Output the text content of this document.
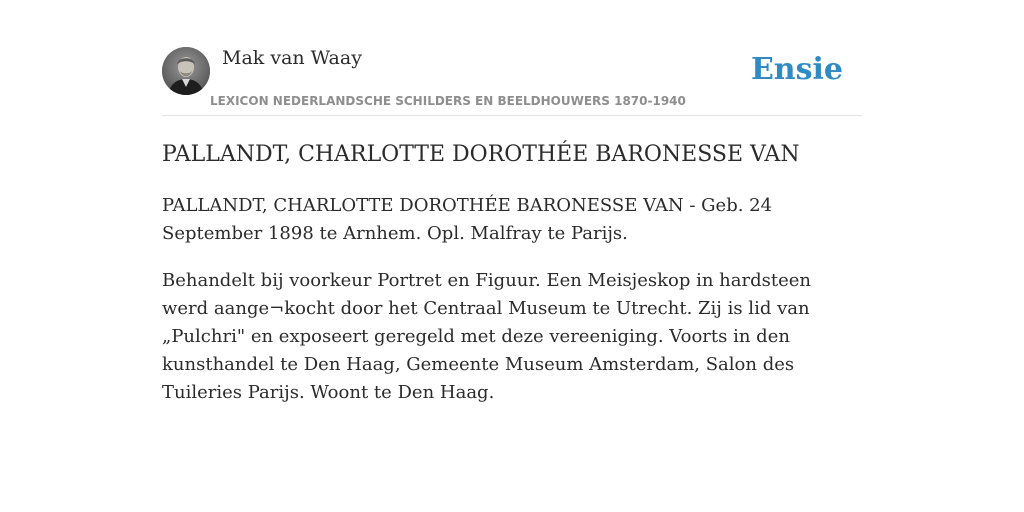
Mak van Waay
LEXICON NEDERLANDSCHE SCHILDERS EN BEELDHOUWERS 1870-1940
Ensie
PALLANDT, CHARLOTTE DOROTHÉE BARONESSE VAN

PALLANDT, CHARLOTTE DOROTHÉE BARONESSE VAN - Geb. 24 September 1898 te Arnhem. Opl. Malfray te Parijs.

Behandelt bij voorkeur Portret en Figuur. Een Meisjeskop in hardsteen werd aange¬kocht door het Centraal Museum te Utrecht. Zij is lid van „Pulchri" en exposeert geregeld met deze vereeniging. Voorts in den kunsthandel te Den Haag, Gemeente Museum Amsterdam, Salon des Tuileries Parijs. Woont te Den Haag.
